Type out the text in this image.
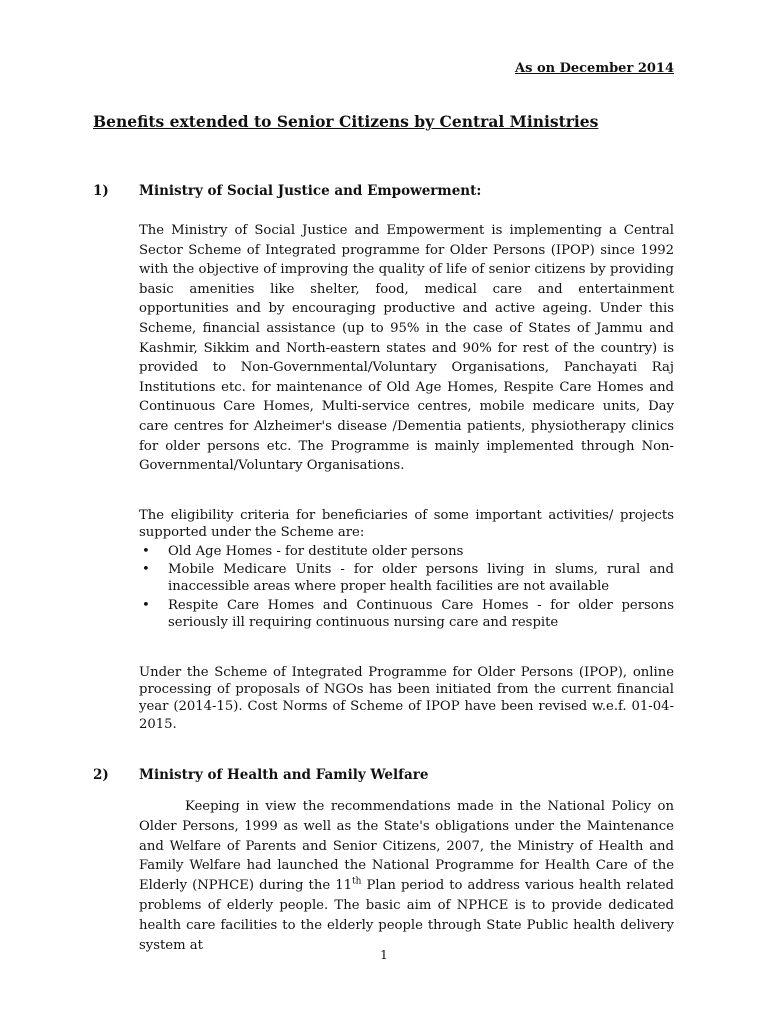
As on December 2014
Benefits extended to Senior Citizens by Central Ministries
1) Ministry of Social Justice and Empowerment:

The Ministry of Social Justice and Empowerment is implementing a Central Sector Scheme of Integrated programme for Older Persons (IPOP) since 1992 with the objective of improving the quality of life of senior citizens by providing basic amenities like shelter, food, medical care and entertainment opportunities and by encouraging productive and active ageing. Under this Scheme, financial assistance (up to 95% in the case of States of Jammu and Kashmir, Sikkim and North-eastern states and 90% for rest of the country) is provided to Non-Governmental/Voluntary Organisations, Panchayati Raj Institutions etc. for maintenance of Old Age Homes, Respite Care Homes and Continuous Care Homes, Multi-service centres, mobile medicare units, Day care centres for Alzheimer's disease /Dementia patients, physiotherapy clinics for older persons etc. The Programme is mainly implemented through Non-Governmental/Voluntary Organisations.

The eligibility criteria for beneficiaries of some important activities/ projects supported under the Scheme are:

• Old Age Homes - for destitute older persons
• Mobile Medicare Units - for older persons living in slums, rural and inaccessible areas where proper health facilities are not available
• Respite Care Homes and Continuous Care Homes - for older persons seriously ill requiring continuous nursing care and respite

Under the Scheme of Integrated Programme for Older Persons (IPOP), online processing of proposals of NGOs has been initiated from the current financial year (2014-15). Cost Norms of Scheme of IPOP have been revised w.e.f. 01-04-2015.

2) Ministry of Health and Family Welfare

Keeping in view the recommendations made in the National Policy on Older Persons, 1999 as well as the State's obligations under the Maintenance and Welfare of Parents and Senior Citizens, 2007, the Ministry of Health and Family Welfare had launched the National Programme for Health Care of the Elderly (NPHCE) during the 11th Plan period to address various health related problems of elderly people. The basic aim of NPHCE is to provide dedicated health care facilities to the elderly people through State Public health delivery system at

1
